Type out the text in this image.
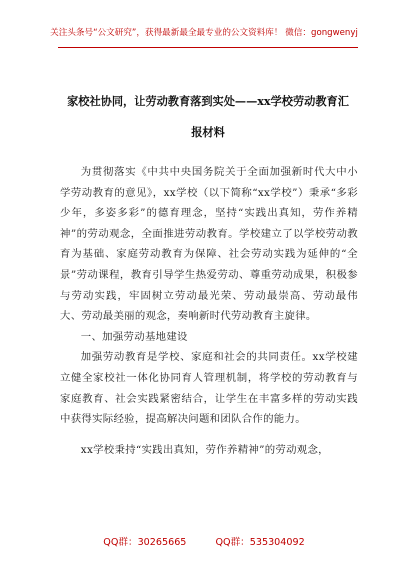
关注头条号“公文研究”，获得最新最全最专业的公文资料库！ 微信：gongwenyj
家校社协同，让劳动教育落到实处——xx学校劳动教育汇
报材料

为贯彻落实《中共中央国务院关于全面加强新时代大中小学劳动教育的意见》，xx学校（以下简称“xx学校”）秉承“多彩少年，多姿多彩”的德育理念，坚持“实践出真知，劳作养精神”的劳动观念，全面推进劳动教育。学校建立了以学校劳动教育为基础、家庭劳动教育为保障、社会劳动实践为延伸的“全景”劳动课程，教育引导学生热爱劳动、尊重劳动成果，积极参与劳动实践，牢固树立劳动最光荣、劳动最崇高、劳动最伟大、劳动最美丽的观念，奏响新时代劳动教育主旋律。

一、加强劳动基地建设

加强劳动教育是学校、家庭和社会的共同责任。xx学校建立健全家校社一体化协同育人管理机制，将学校的劳动教育与家庭教育、社会实践紧密结合，让学生在丰富多样的劳动实践中获得实际经验，提高解决问题和团队合作的能力。

xx学校秉持“实践出真知，劳作养精神”的劳动观念，

QQ群：30265665	QQ群：535304092
